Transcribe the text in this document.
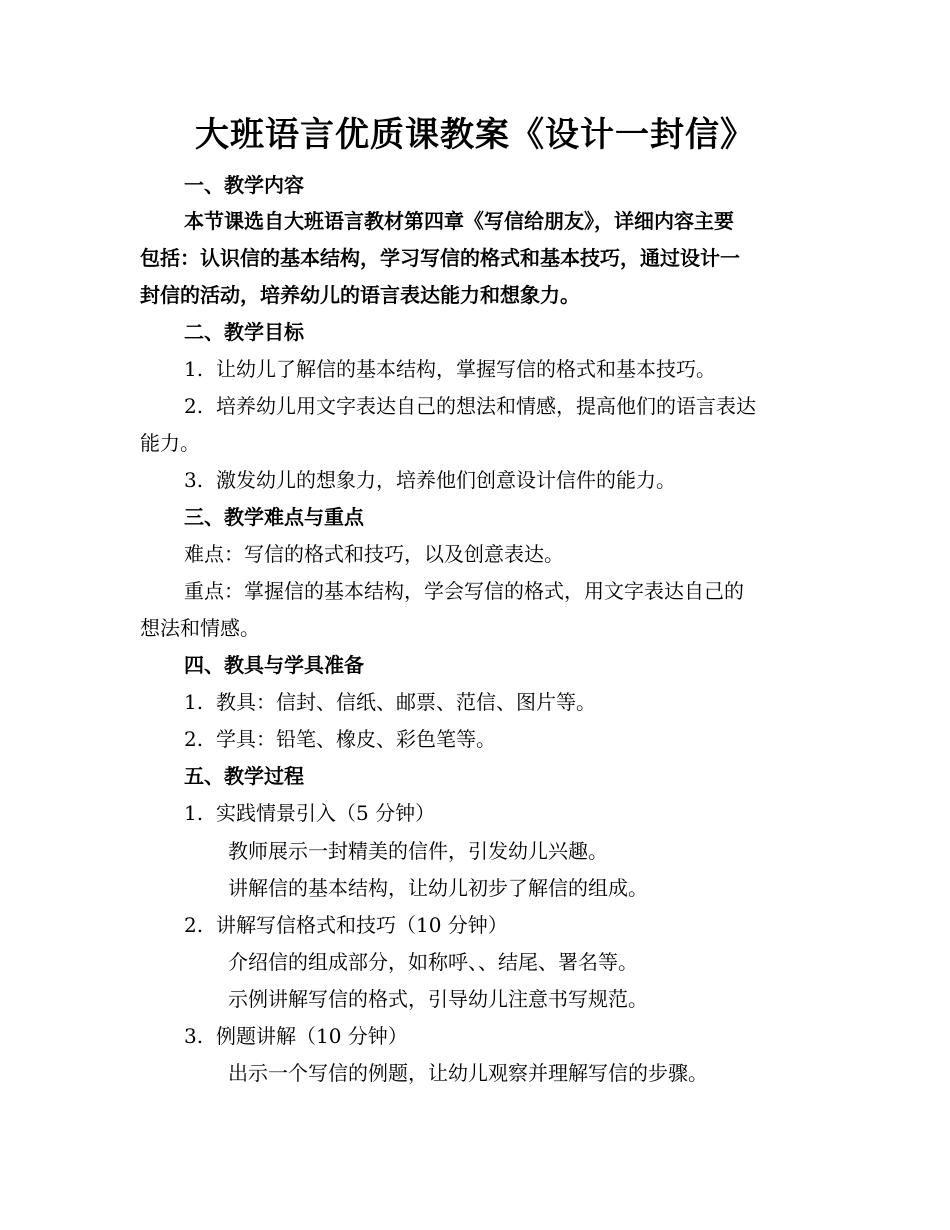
大班语言优质课教案《设计一封信》
一、教学内容
本节课选自大班语言教材第四章《写信给朋友》，详细内容主要
包括：认识信的基本结构，学习写信的格式和基本技巧，通过设计一
封信的活动，培养幼儿的语言表达能力和想象力。
二、教学目标
1. 让幼儿了解信的基本结构，掌握写信的格式和基本技巧。
2. 培养幼儿用文字表达自己的想法和情感，提高他们的语言表达
能力。
3. 激发幼儿的想象力，培养他们创意设计信件的能力。
三、教学难点与重点
难点：写信的格式和技巧，以及创意表达。
重点：掌握信的基本结构，学会写信的格式，用文字表达自己的
想法和情感。
四、教具与学具准备
1. 教具：信封、信纸、邮票、范信、图片等。
2. 学具：铅笔、橡皮、彩色笔等。
五、教学过程
1. 实践情景引入（5 分钟）
教师展示一封精美的信件，引发幼儿兴趣。
讲解信的基本结构，让幼儿初步了解信的组成。
2. 讲解写信格式和技巧（10 分钟）
介绍信的组成部分，如称呼、、结尾、署名等。
示例讲解写信的格式，引导幼儿注意书写规范。
3. 例题讲解（10 分钟）
出示一个写信的例题，让幼儿观察并理解写信的步骤。
